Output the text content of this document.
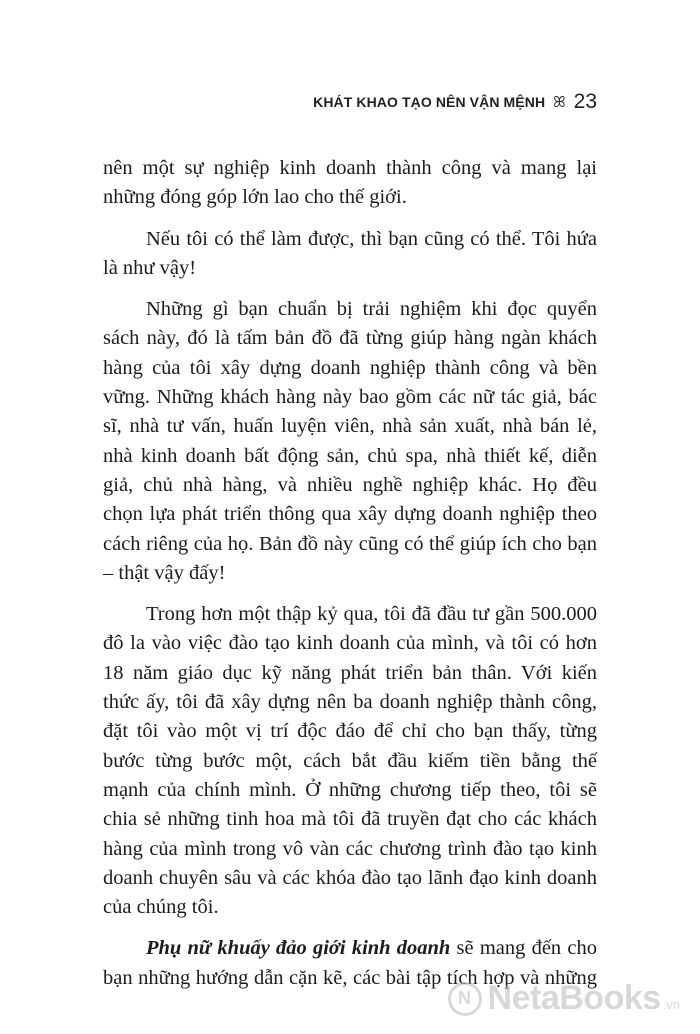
KHÁT KHAO TẠO NÊN VẬN MỆNH ꕤ 23
nên một sự nghiệp kinh doanh thành công và mang lại
những đóng góp lớn lao cho thế giới.
Nếu tôi có thể làm được, thì bạn cũng có thể. Tôi hứa
là như vậy!
Những gì bạn chuẩn bị trải nghiệm khi đọc quyển
sách này, đó là tấm bản đồ đã từng giúp hàng ngàn khách
hàng của tôi xây dựng doanh nghiệp thành công và bền
vững. Những khách hàng này bao gồm các nữ tác giả, bác
sĩ, nhà tư vấn, huấn luyện viên, nhà sản xuất, nhà bán lẻ,
nhà kinh doanh bất động sản, chủ spa, nhà thiết kế, diễn
giả, chủ nhà hàng, và nhiều nghề nghiệp khác. Họ đều
chọn lựa phát triển thông qua xây dựng doanh nghiệp theo
cách riêng của họ. Bản đồ này cũng có thể giúp ích cho bạn
– thật vậy đấy!
Trong hơn một thập kỷ qua, tôi đã đầu tư gần 500.000
đô la vào việc đào tạo kinh doanh của mình, và tôi có hơn
18 năm giáo dục kỹ năng phát triển bản thân. Với kiến
thức ấy, tôi đã xây dựng nên ba doanh nghiệp thành công,
đặt tôi vào một vị trí độc đáo để chỉ cho bạn thấy, từng
bước từng bước một, cách bắt đầu kiếm tiền bằng thế
mạnh của chính mình. Ở những chương tiếp theo, tôi sẽ
chia sẻ những tinh hoa mà tôi đã truyền đạt cho các khách
hàng của mình trong vô vàn các chương trình đào tạo kinh
doanh chuyên sâu và các khóa đào tạo lãnh đạo kinh doanh
của chúng tôi.
Phụ nữ khuấy đảo giới kinh doanh sẽ mang đến cho
bạn những hướng dẫn cặn kẽ, các bài tập tích hợp và những
N NetaBooks .vn
